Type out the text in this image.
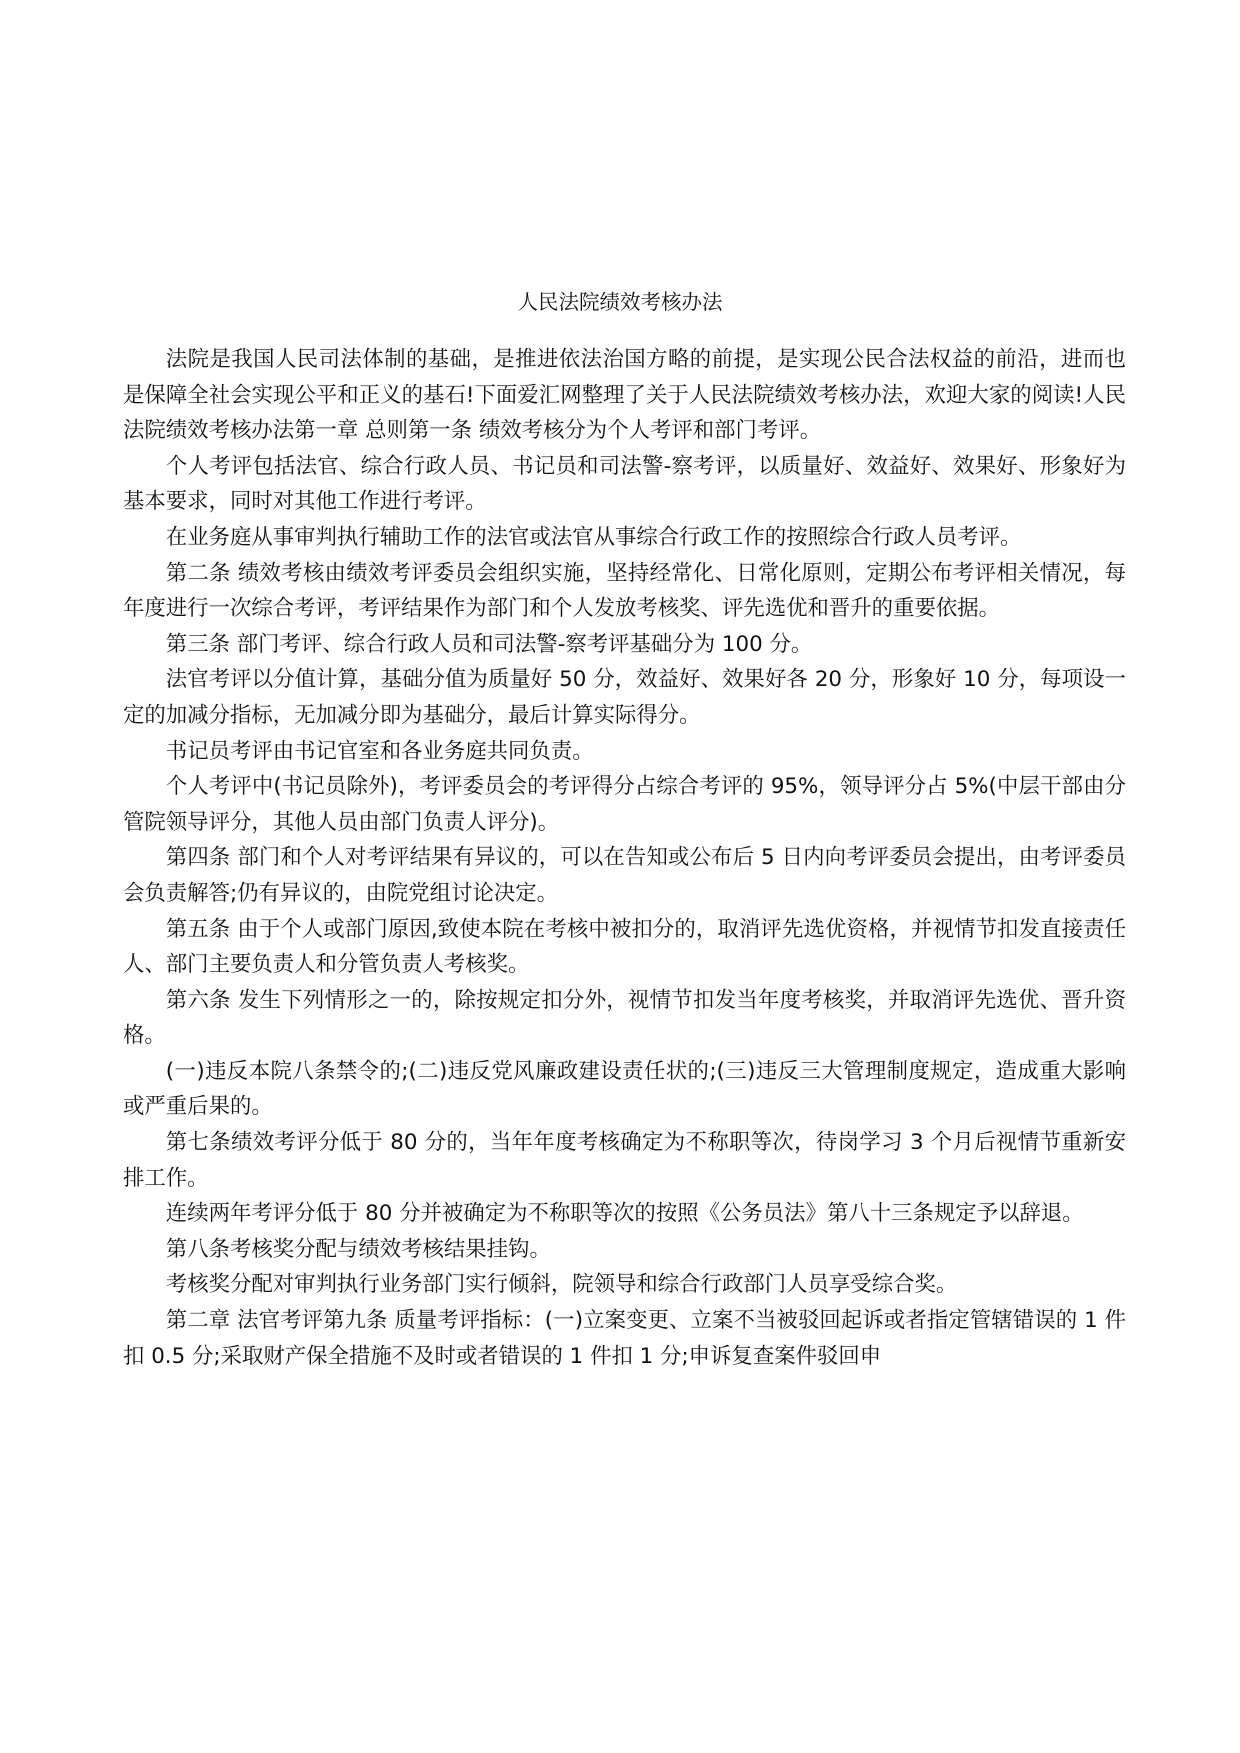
人民法院绩效考核办法

法院是我国人民司法体制的基础，是推进依法治国方略的前提，是实现公民合法权益的前沿，进而也是保障全社会实现公平和正义的基石!下面爱汇网整理了关于人民法院绩效考核办法，欢迎大家的阅读!人民法院绩效考核办法第一章 总则第一条 绩效考核分为个人考评和部门考评。

个人考评包括法官、综合行政人员、书记员和司法警-察考评，以质量好、效益好、效果好、形象好为基本要求，同时对其他工作进行考评。

在业务庭从事审判执行辅助工作的法官或法官从事综合行政工作的按照综合行政人员考评。

第二条 绩效考核由绩效考评委员会组织实施，坚持经常化、日常化原则，定期公布考评相关情况，每年度进行一次综合考评，考评结果作为部门和个人发放考核奖、评先选优和晋升的重要依据。

第三条 部门考评、综合行政人员和司法警-察考评基础分为 100 分。

法官考评以分值计算，基础分值为质量好 50 分，效益好、效果好各 20 分，形象好 10 分，每项设一定的加减分指标，无加减分即为基础分，最后计算实际得分。

书记员考评由书记官室和各业务庭共同负责。

个人考评中(书记员除外)，考评委员会的考评得分占综合考评的 95%，领导评分占 5%(中层干部由分管院领导评分，其他人员由部门负责人评分)。

第四条 部门和个人对考评结果有异议的，可以在告知或公布后 5 日内向考评委员会提出，由考评委员会负责解答;仍有异议的，由院党组讨论决定。

第五条 由于个人或部门原因,致使本院在考核中被扣分的，取消评先选优资格，并视情节扣发直接责任人、部门主要负责人和分管负责人考核奖。

第六条 发生下列情形之一的，除按规定扣分外，视情节扣发当年度考核奖，并取消评先选优、晋升资格。

(一)违反本院八条禁令的;(二)违反党风廉政建设责任状的;(三)违反三大管理制度规定，造成重大影响或严重后果的。

第七条绩效考评分低于 80 分的，当年年度考核确定为不称职等次，待岗学习 3 个月后视情节重新安排工作。

连续两年考评分低于 80 分并被确定为不称职等次的按照《公务员法》第八十三条规定予以辞退。

第八条考核奖分配与绩效考核结果挂钩。

考核奖分配对审判执行业务部门实行倾斜，院领导和综合行政部门人员享受综合奖。

第二章 法官考评第九条 质量考评指标：(一)立案变更、立案不当被驳回起诉或者指定管辖错误的 1 件扣 0.5 分;采取财产保全措施不及时或者错误的 1 件扣 1 分;申诉复查案件驳回申
